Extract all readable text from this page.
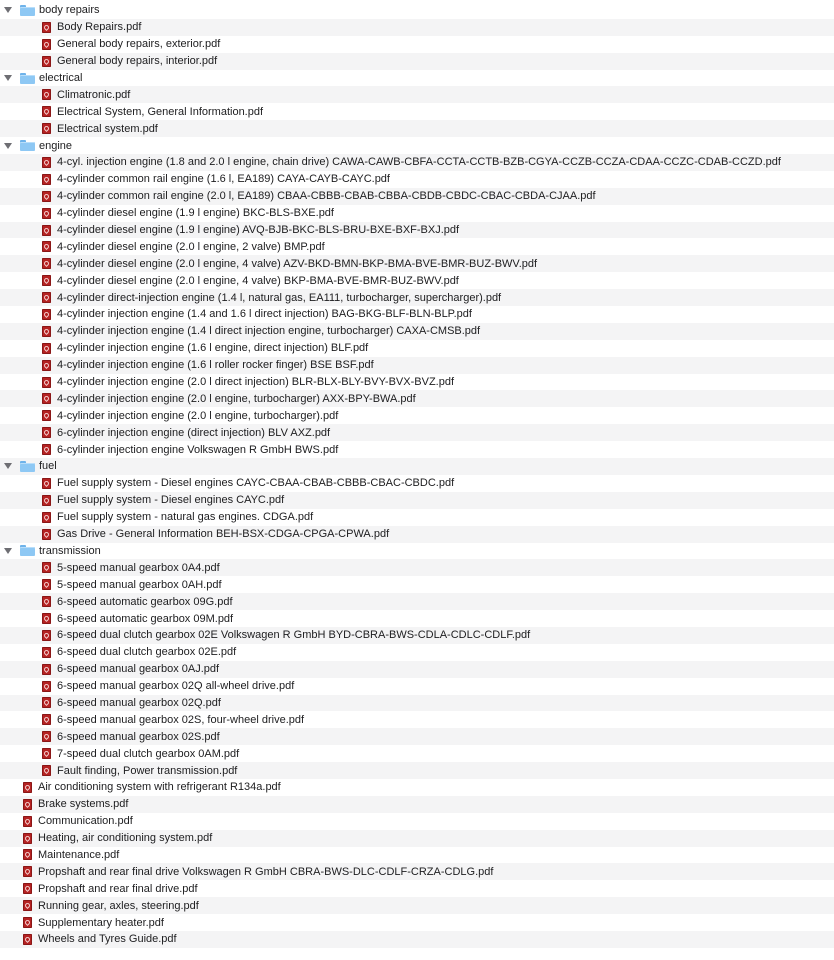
body repairs
Body Repairs.pdf
General body repairs, exterior.pdf
General body repairs, interior.pdf
electrical
Climatronic.pdf
Electrical System, General Information.pdf
Electrical system.pdf
engine
4-cyl. injection engine (1.8 and 2.0 l engine, chain drive) CAWA-CAWB-CBFA-CCTA-CCTB-BZB-CGYA-CCZB-CCZA-CDAA-CCZC-CDAB-CCZD.pdf
4-cylinder common rail engine (1.6 l, EA189) CAYA-CAYB-CAYC.pdf
4-cylinder common rail engine (2.0 l, EA189) CBAA-CBBB-CBAB-CBBA-CBDB-CBDC-CBAC-CBDA-CJAA.pdf
4-cylinder diesel engine (1.9 l engine) BKC-BLS-BXE.pdf
4-cylinder diesel engine (1.9 l engine) AVQ-BJB-BKC-BLS-BRU-BXE-BXF-BXJ.pdf
4-cylinder diesel engine (2.0 l engine, 2 valve) BMP.pdf
4-cylinder diesel engine (2.0 l engine, 4 valve) AZV-BKD-BMN-BKP-BMA-BVE-BMR-BUZ-BWV.pdf
4-cylinder diesel engine (2.0 l engine, 4 valve) BKP-BMA-BVE-BMR-BUZ-BWV.pdf
4-cylinder direct-injection engine (1.4 l, natural gas, EA111, turbocharger, supercharger).pdf
4-cylinder injection engine (1.4 and 1.6 l direct injection) BAG-BKG-BLF-BLN-BLP.pdf
4-cylinder injection engine (1.4 l direct injection engine, turbocharger) CAXA-CMSB.pdf
4-cylinder injection engine (1.6 l engine, direct injection) BLF.pdf
4-cylinder injection engine (1.6 l roller rocker finger) BSE BSF.pdf
4-cylinder injection engine (2.0 l direct injection) BLR-BLX-BLY-BVY-BVX-BVZ.pdf
4-cylinder injection engine (2.0 l engine, turbocharger) AXX-BPY-BWA.pdf
4-cylinder injection engine (2.0 l engine, turbocharger).pdf
6-cylinder injection engine (direct injection) BLV AXZ.pdf
6-cylinder injection engine Volkswagen R GmbH BWS.pdf
fuel
Fuel supply system - Diesel engines CAYC-CBAA-CBAB-CBBB-CBAC-CBDC.pdf
Fuel supply system - Diesel engines CAYC.pdf
Fuel supply system - natural gas engines. CDGA.pdf
Gas Drive - General Information BEH-BSX-CDGA-CPGA-CPWA.pdf
transmission
5-speed manual gearbox 0A4.pdf
5-speed manual gearbox 0AH.pdf
6-speed automatic gearbox 09G.pdf
6-speed automatic gearbox 09M.pdf
6-speed dual clutch gearbox 02E Volkswagen R GmbH BYD-CBRA-BWS-CDLA-CDLC-CDLF.pdf
6-speed dual clutch gearbox 02E.pdf
6-speed manual gearbox 0AJ.pdf
6-speed manual gearbox 02Q all-wheel drive.pdf
6-speed manual gearbox 02Q.pdf
6-speed manual gearbox 02S, four-wheel drive.pdf
6-speed manual gearbox 02S.pdf
7-speed dual clutch gearbox 0AM.pdf
Fault finding, Power transmission.pdf
Air conditioning system with refrigerant R134a.pdf
Brake systems.pdf
Communication.pdf
Heating, air conditioning system.pdf
Maintenance.pdf
Propshaft and rear final drive Volkswagen R GmbH CBRA-BWS-DLC-CDLF-CRZA-CDLG.pdf
Propshaft and rear final drive.pdf
Running gear, axles, steering.pdf
Supplementary heater.pdf
Wheels and Tyres Guide.pdf
